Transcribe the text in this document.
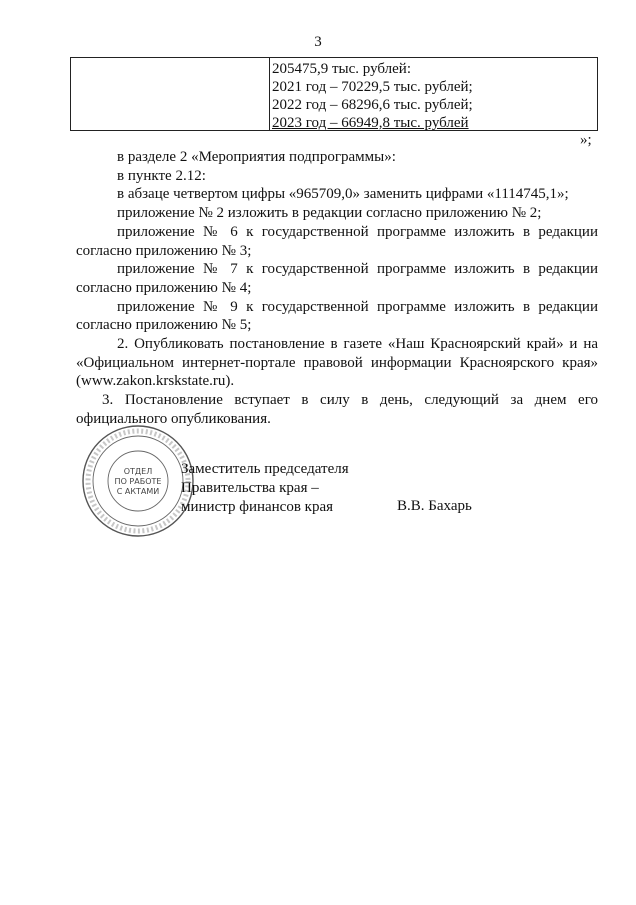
3
205475,9 тыс. рублей:
2021 год – 70229,5 тыс. рублей;
2022 год – 68296,6 тыс. рублей;
2023 год – 66949,8 тыс. рублей
»;

в разделе 2 «Мероприятия подпрограммы»:

в пункте 2.12:

в абзаце четвертом цифры «965709,0» заменить цифрами «1114745,1»;

приложение № 2 изложить в редакции согласно приложению № 2;

приложение № 6 к государственной программе изложить в редакции согласно приложению № 3;

приложение № 7 к государственной программе изложить в редакции согласно приложению № 4;

приложение № 9 к государственной программе изложить в редакции согласно приложению № 5;

2. Опубликовать постановление в газете «Наш Красноярский край» и на «Официальном интернет-портале правовой информации Красноярского края» (www.zakon.krskstate.ru).

3. Постановление вступает в силу в день, следующий за днем его официального опубликования.

ОТДЕЛ
ПО РАБОТЕ
С АКТАМИ
Заместитель председателя
Правительства края –
министр финансов края	В.В. Бахарь
